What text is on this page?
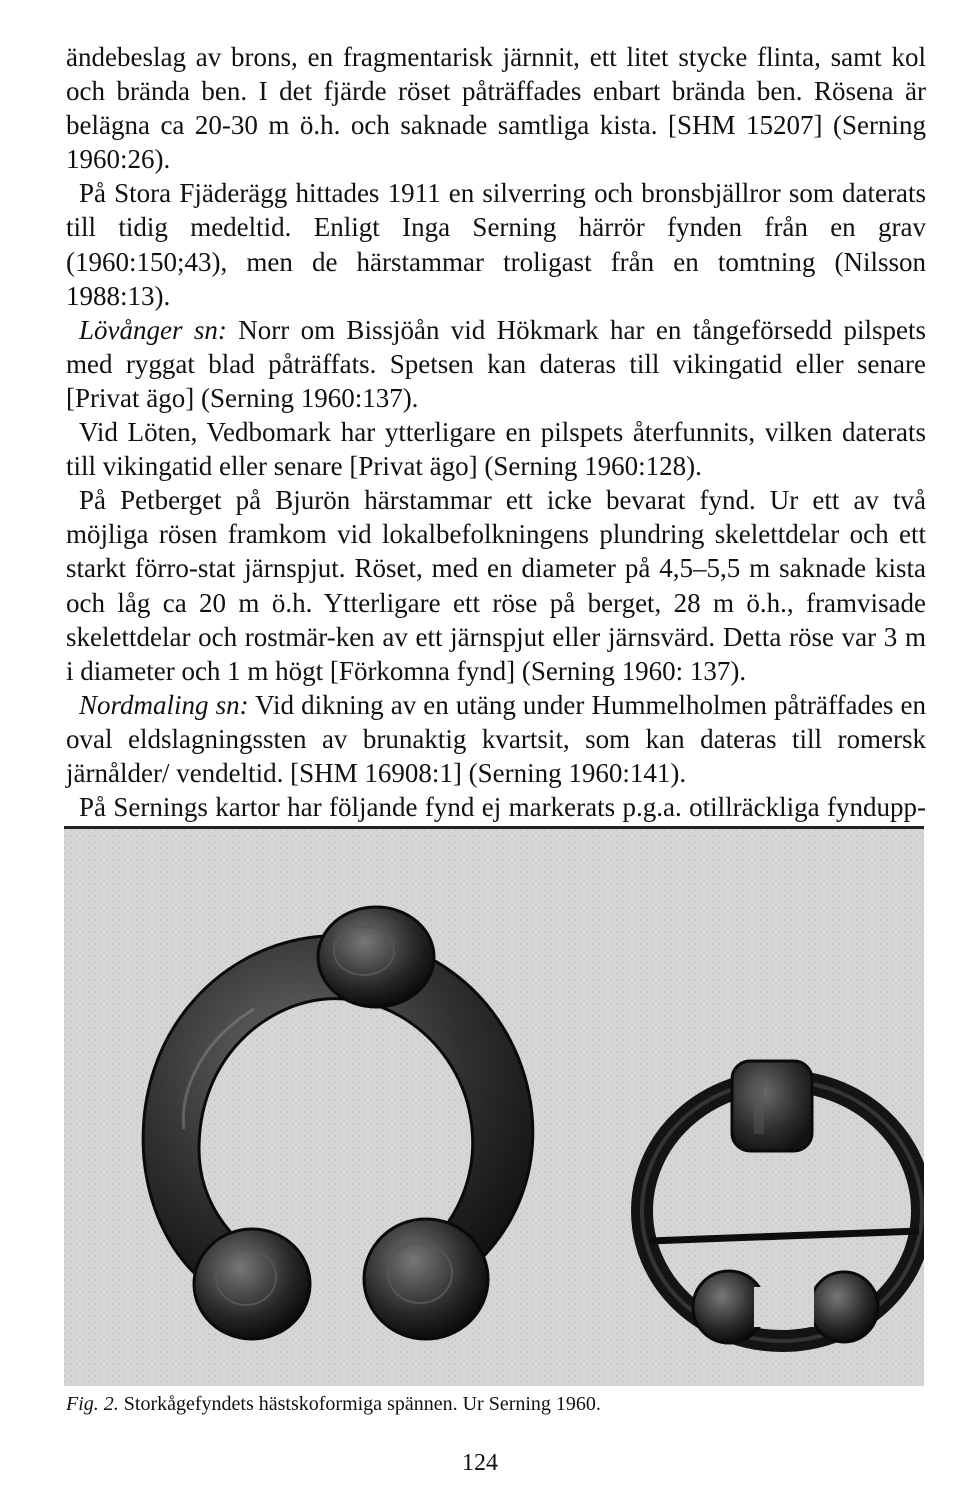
ändebeslag av brons, en fragmentarisk järnnit, ett litet stycke flinta, samt kol och brända ben. I det fjärde röset påträffades enbart brända ben. Rösena är belägna ca 20-30 m ö.h. och saknade samtliga kista. [SHM 15207] (Serning 1960:26).

På Stora Fjäderägg hittades 1911 en silverring och bronsbjällror som daterats till tidig medeltid. Enligt Inga Serning härrör fynden från en grav (1960:150;43), men de härstammar troligast från en tomtning (Nilsson 1988:13).

Lövånger sn: Norr om Bissjöån vid Hökmark har en tångeförsedd pilspets med ryggat blad påträffats. Spetsen kan dateras till vikingatid eller senare [Privat ägo] (Serning 1960:137).

Vid Löten, Vedbomark har ytterligare en pilspets återfunnits, vilken daterats till vikingatid eller senare [Privat ägo] (Serning 1960:128).

På Petberget på Bjurön härstammar ett icke bevarat fynd. Ur ett av två möjliga rösen framkom vid lokalbefolkningens plundring skelettdelar och ett starkt förro-stat järnspjut. Röset, med en diameter på 4,5–5,5 m saknade kista och låg ca 20 m ö.h. Ytterligare ett röse på berget, 28 m ö.h., framvisade skelettdelar och rostmär-ken av ett järnspjut eller järnsvärd. Detta röse var 3 m i diameter och 1 m högt [Förkomna fynd] (Serning 1960: 137).

Nordmaling sn: Vid dikning av en utäng under Hummelholmen påträffades en oval eldslagningssten av brunaktig kvartsit, som kan dateras till romersk järnålder/ vendeltid. [SHM 16908:1] (Serning 1960:141).

På Sernings kartor har följande fynd ej markerats p.g.a. otillräckliga fyndupp-

Fig. 2. Storkågefyndets hästskoformiga spännen. Ur Serning 1960.
124
